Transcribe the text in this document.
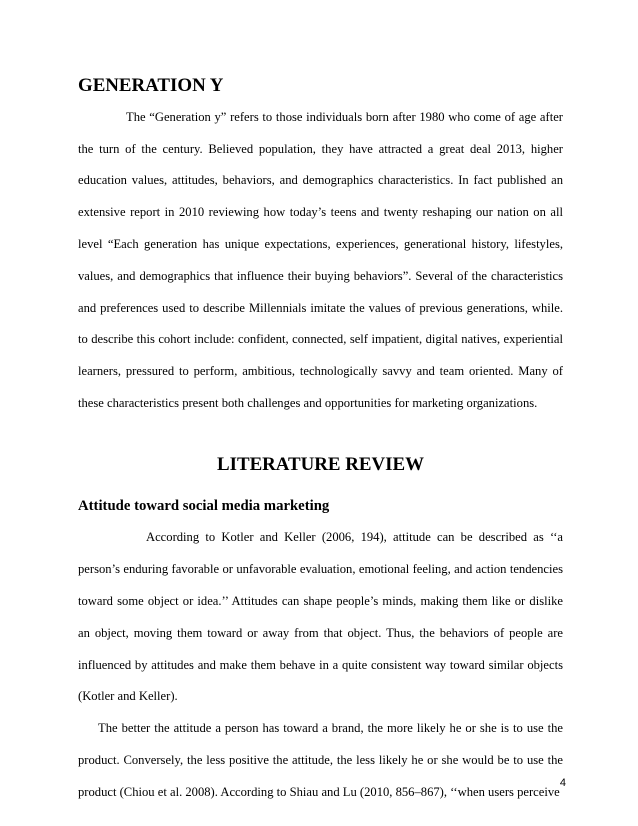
GENERATION Y

The “Generation y” refers to those individuals born after 1980 who come of age after the turn of the century. Believed population, they have attracted a great deal 2013, higher education values, attitudes, behaviors, and demographics characteristics. In fact published an extensive report in 2010 reviewing how today’s teens and twenty reshaping our nation on all level “Each generation has unique expectations, experiences, generational history, lifestyles, values, and demographics that influence their buying behaviors”. Several of the characteristics and preferences used to describe Millennials imitate the values of previous generations, while. to describe this cohort include: confident, connected, self impatient, digital natives, experiential learners, pressured to perform, ambitious, technologically savvy and team oriented. Many of these characteristics present both challenges and opportunities for marketing organizations.

LITERATURE REVIEW
Attitude toward social media marketing

According to Kotler and Keller (2006, 194), attitude can be described as ‘‘a person’s enduring favorable or unfavorable evaluation, emotional feeling, and action tendencies toward some object or idea.’’ Attitudes can shape people’s minds, making them like or dislike an object, moving them toward or away from that object. Thus, the behaviors of people are influenced by attitudes and make them behave in a quite consistent way toward similar objects (Kotler and Keller).

The better the attitude a person has toward a brand, the more likely he or she is to use the product. Conversely, the less positive the attitude, the less likely he or she would be to use the product (Chiou et al. 2008). According to Shiau and Lu (2010, 856–867), ‘‘when users perceive

4
